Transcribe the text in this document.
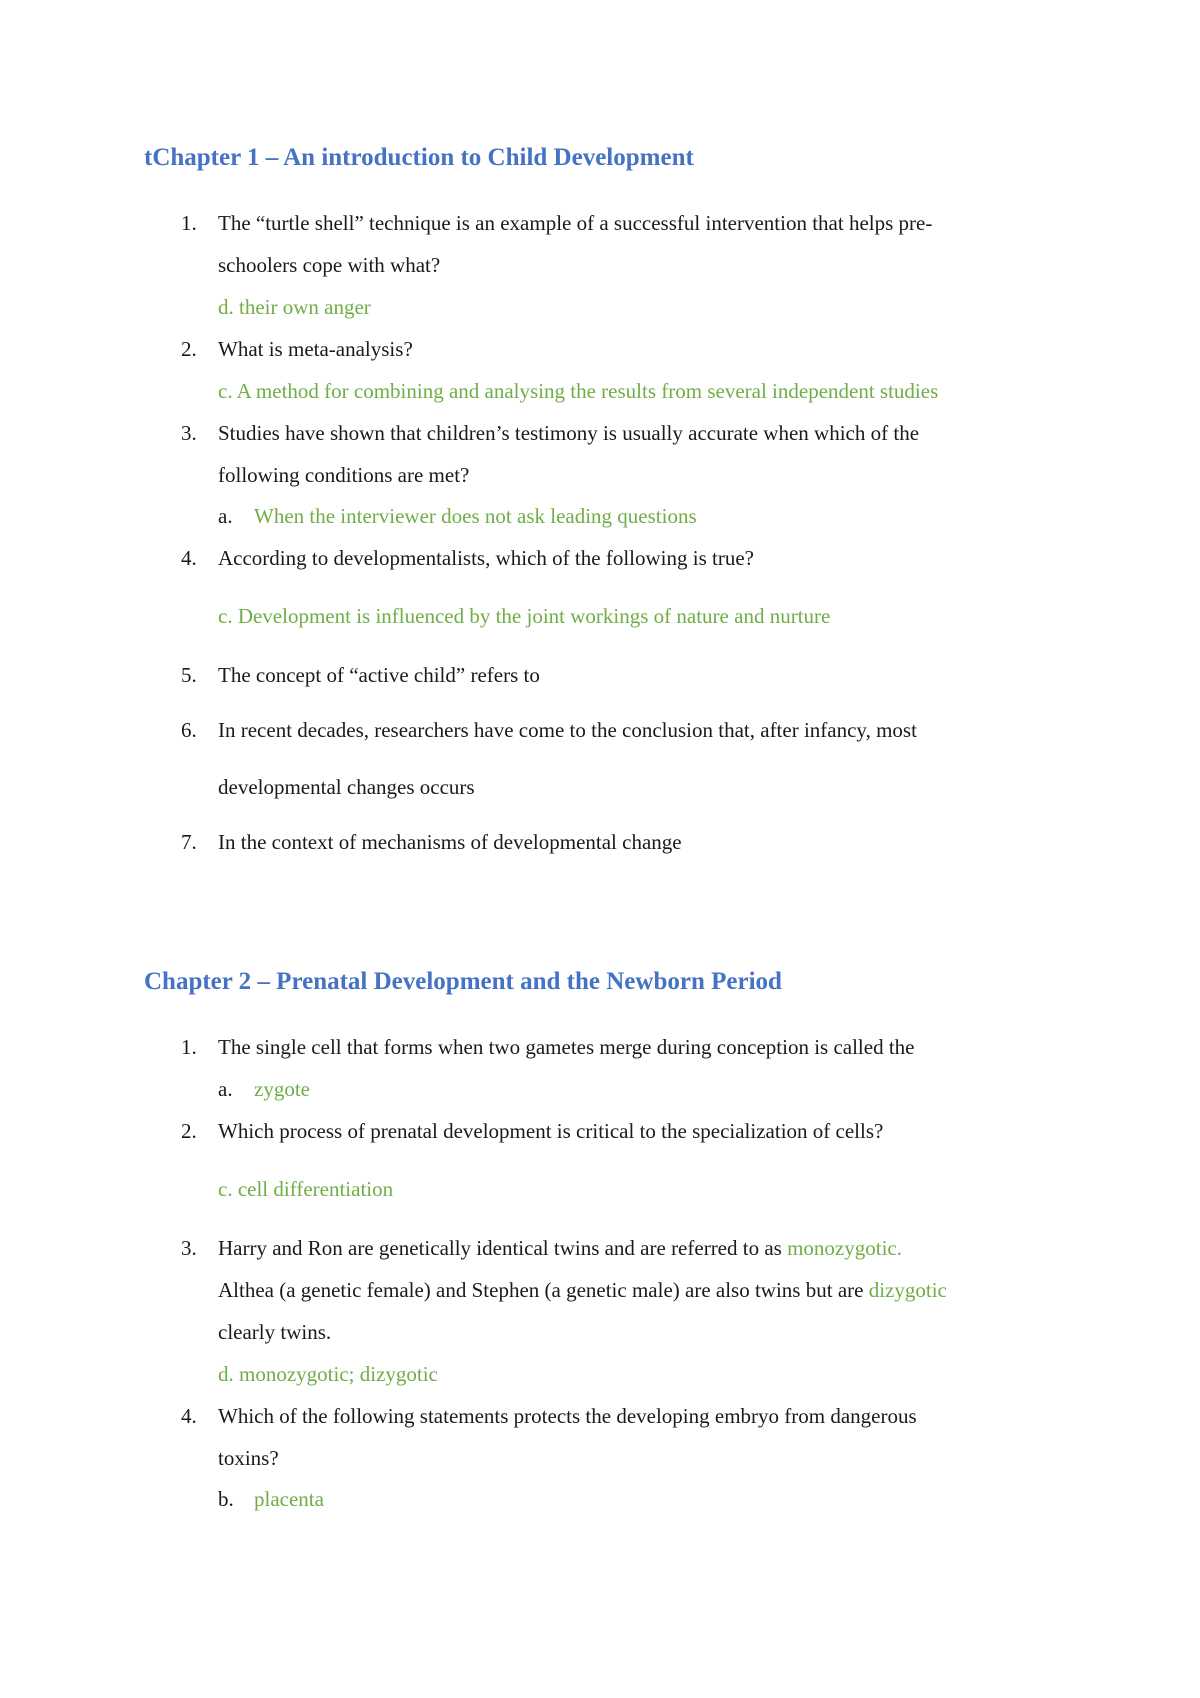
tChapter 1 – An introduction to Child Development
1. The “turtle shell” technique is an example of a successful intervention that helps pre-
schoolers cope with what?
d. their own anger
2. What is meta-analysis?
c. A method for combining and analysing the results from several independent studies
3. Studies have shown that children’s testimony is usually accurate when which of the
following conditions are met?
a. When the interviewer does not ask leading questions
4. According to developmentalists, which of the following is true?
c. Development is influenced by the joint workings of nature and nurture
5. The concept of “active child” refers to
6. In recent decades, researchers have come to the conclusion that, after infancy, most
developmental changes occurs
7. In the context of mechanisms of developmental change
Chapter 2 – Prenatal Development and the Newborn Period
1. The single cell that forms when two gametes merge during conception is called the
a. zygote
2. Which process of prenatal development is critical to the specialization of cells?
c. cell differentiation
3. Harry and Ron are genetically identical twins and are referred to as monozygotic.
Althea (a genetic female) and Stephen (a genetic male) are also twins but are dizygotic
clearly twins.
d. monozygotic; dizygotic
4. Which of the following statements protects the developing embryo from dangerous
toxins?
b. placenta
